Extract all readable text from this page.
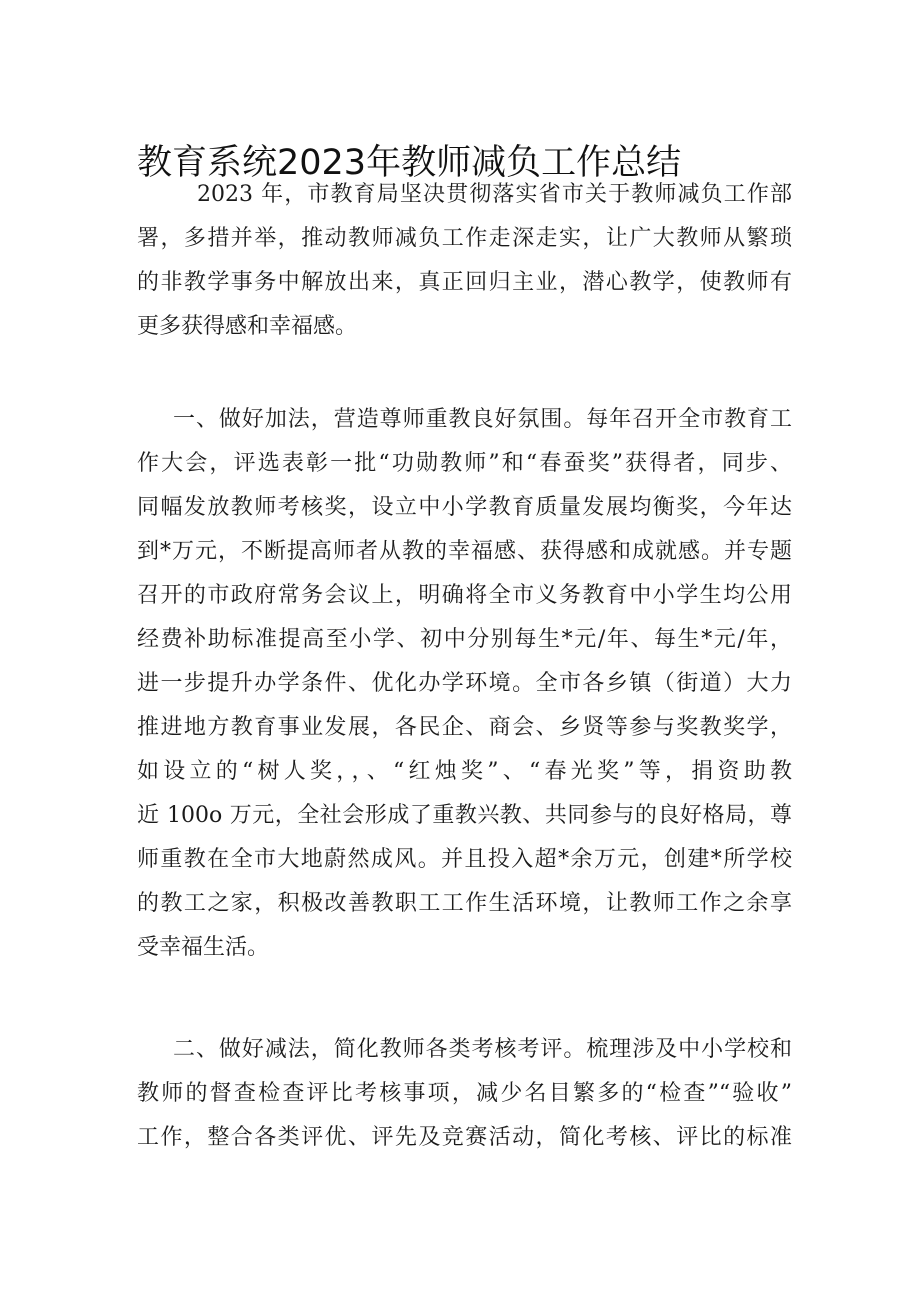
教育系统2023年教师减负工作总结
2023 年，市教育局坚决贯彻落实省市关于教师减负工作部
署，多措并举，推动教师减负工作走深走实，让广大教师从繁琐
的非教学事务中解放出来，真正回归主业，潜心教学，使教师有
更多获得感和幸福感。
一、做好加法，营造尊师重教良好氛围。每年召开全市教育工
作大会，评选表彰一批“功勋教师”和“春蚕奖”获得者，同步、
同幅发放教师考核奖，设立中小学教育质量发展均衡奖，今年达
到*万元，不断提高师者从教的幸福感、获得感和成就感。并专题
召开的市政府常务会议上，明确将全市义务教育中小学生均公用
经费补助标准提高至小学、初中分别每生*元/年、每生*元/年，
进一步提升办学条件、优化办学环境。全市各乡镇（街道）大力
推进地方教育事业发展，各民企、商会、乡贤等参与奖教奖学，
如设立的“树人奖，，、“红烛奖”、“春光奖”等，捐资助教
近 100o 万元，全社会形成了重教兴教、共同参与的良好格局，尊
师重教在全市大地蔚然成风。并且投入超*余万元，创建*所学校
的教工之家，积极改善教职工工作生活环境，让教师工作之余享
受幸福生活。
二、做好减法，简化教师各类考核考评。梳理涉及中小学校和
教师的督查检查评比考核事项，减少名目繁多的“检查”“验收”
工作，整合各类评优、评先及竞赛活动，简化考核、评比的标准
